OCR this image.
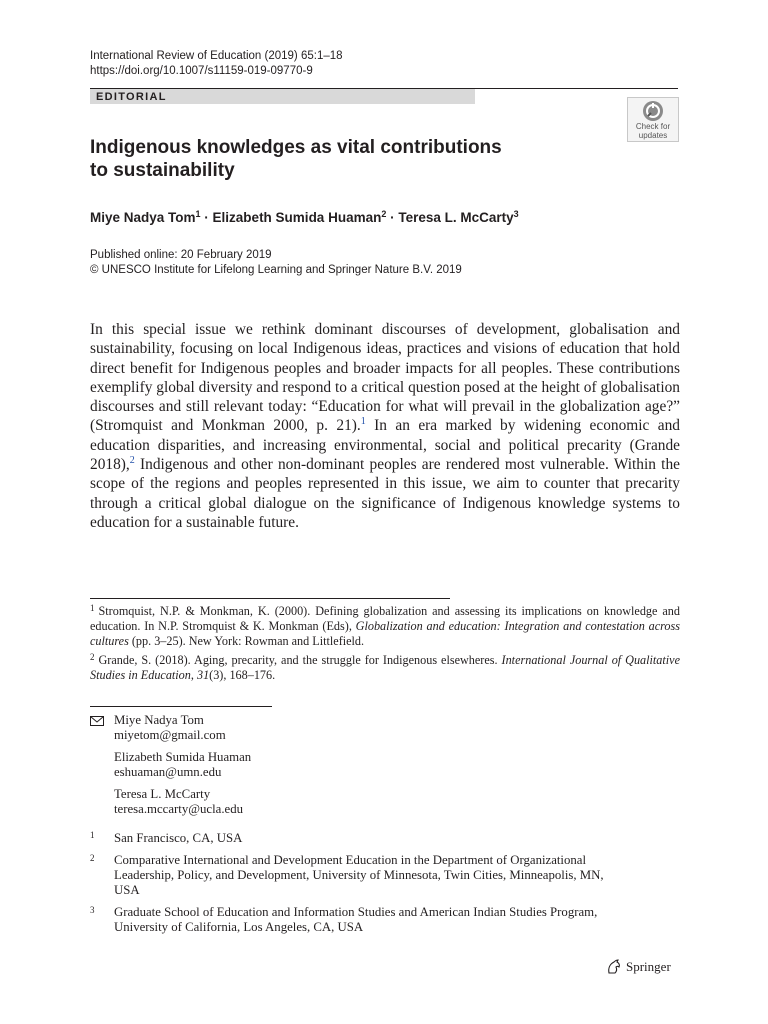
International Review of Education (2019) 65:1–18
https://doi.org/10.1007/s11159-019-09770-9
EDITORIAL
Check for
updates
Indigenous knowledges as vital contributions
to sustainability
Miye Nadya Tom$^1$ · Elizabeth Sumida Huaman$^2$ · Teresa L. McCarty$^3$
Published online: 20 February 2019
© UNESCO Institute for Lifelong Learning and Springer Nature B.V. 2019
In this special issue we rethink dominant discourses of development, globalisation and sustainability, focusing on local Indigenous ideas, practices and visions of education that hold direct benefit for Indigenous peoples and broader impacts for all peoples. These contributions exemplify global diversity and respond to a critical question posed at the height of globalisation discourses and still relevant today: “Education for what will prevail in the globalization age?” (Stromquist and Monkman 2000, p. 21).$^1$ In an era marked by widening economic and education disparities, and increasing environmental, social and political precarity (Grande 2018),$^2$ Indigenous and other non-dominant peoples are rendered most vulnerable. Within the scope of the regions and peoples represented in this issue, we aim to counter that precarity through a critical global dialogue on the significance of Indigenous knowledge systems to education for a sustainable future.

$^1$ Stromquist, N.P. & Monkman, K. (2000). Defining globalization and assessing its implications on knowledge and education. In N.P. Stromquist & K. Monkman (Eds), Globalization and education: Integration and contestation across cultures (pp. 3–25). New York: Rowman and Littlefield.

$^2$ Grande, S. (2018). Aging, precarity, and the struggle for Indigenous elsewheres. International Journal of Qualitative Studies in Education, 31(3), 168–176.

Miye Nadya Tom
miyetom@gmail.com
Elizabeth Sumida Huaman
eshuaman@umn.edu
Teresa L. McCarty
teresa.mccarty@ucla.edu
1 San Francisco, CA, USA
2 Comparative International and Development Education in the Department of Organizational
Leadership, Policy, and Development, University of Minnesota, Twin Cities, Minneapolis, MN,
USA
3 Graduate School of Education and Information Studies and American Indian Studies Program,
University of California, Los Angeles, CA, USA
Springer
